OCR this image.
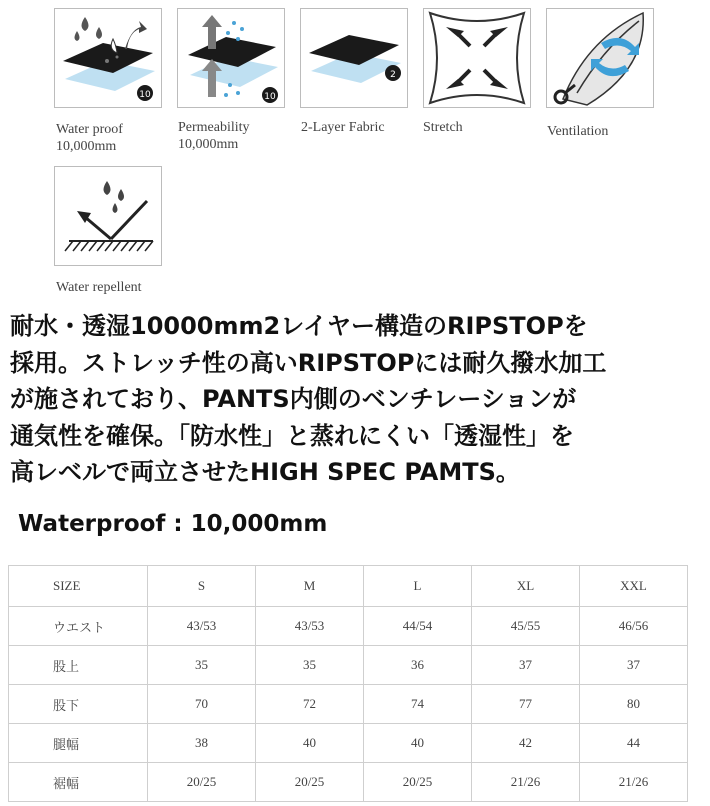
10
Water proof
10,000mm
10
Permeability
10,000mm
2
2-Layer Fabric	Stretch	Ventilation
Water repellent
耐水・透湿10000mm2レイヤー構造のRIPSTOPを
採用。ストレッチ性の高いRIPSTOPには耐久撥水加工
が施されており、PANTS内側のベンチレーションが
通気性を確保。「防水性」と蒸れにくい「透湿性」を
高レベルで両立させたHIGH SPEC PAMTS。
Waterproof : 10,000mm
SIZE	S	M	L	XL	XXL
ウエスト	43/53	43/53	44/54	45/55	46/56
股上	35	35	36	37	37
股下	70	72	74	77	80
腿幅	38	40	40	42	44
裾幅	20/25	20/25	20/25	21/26	21/26
